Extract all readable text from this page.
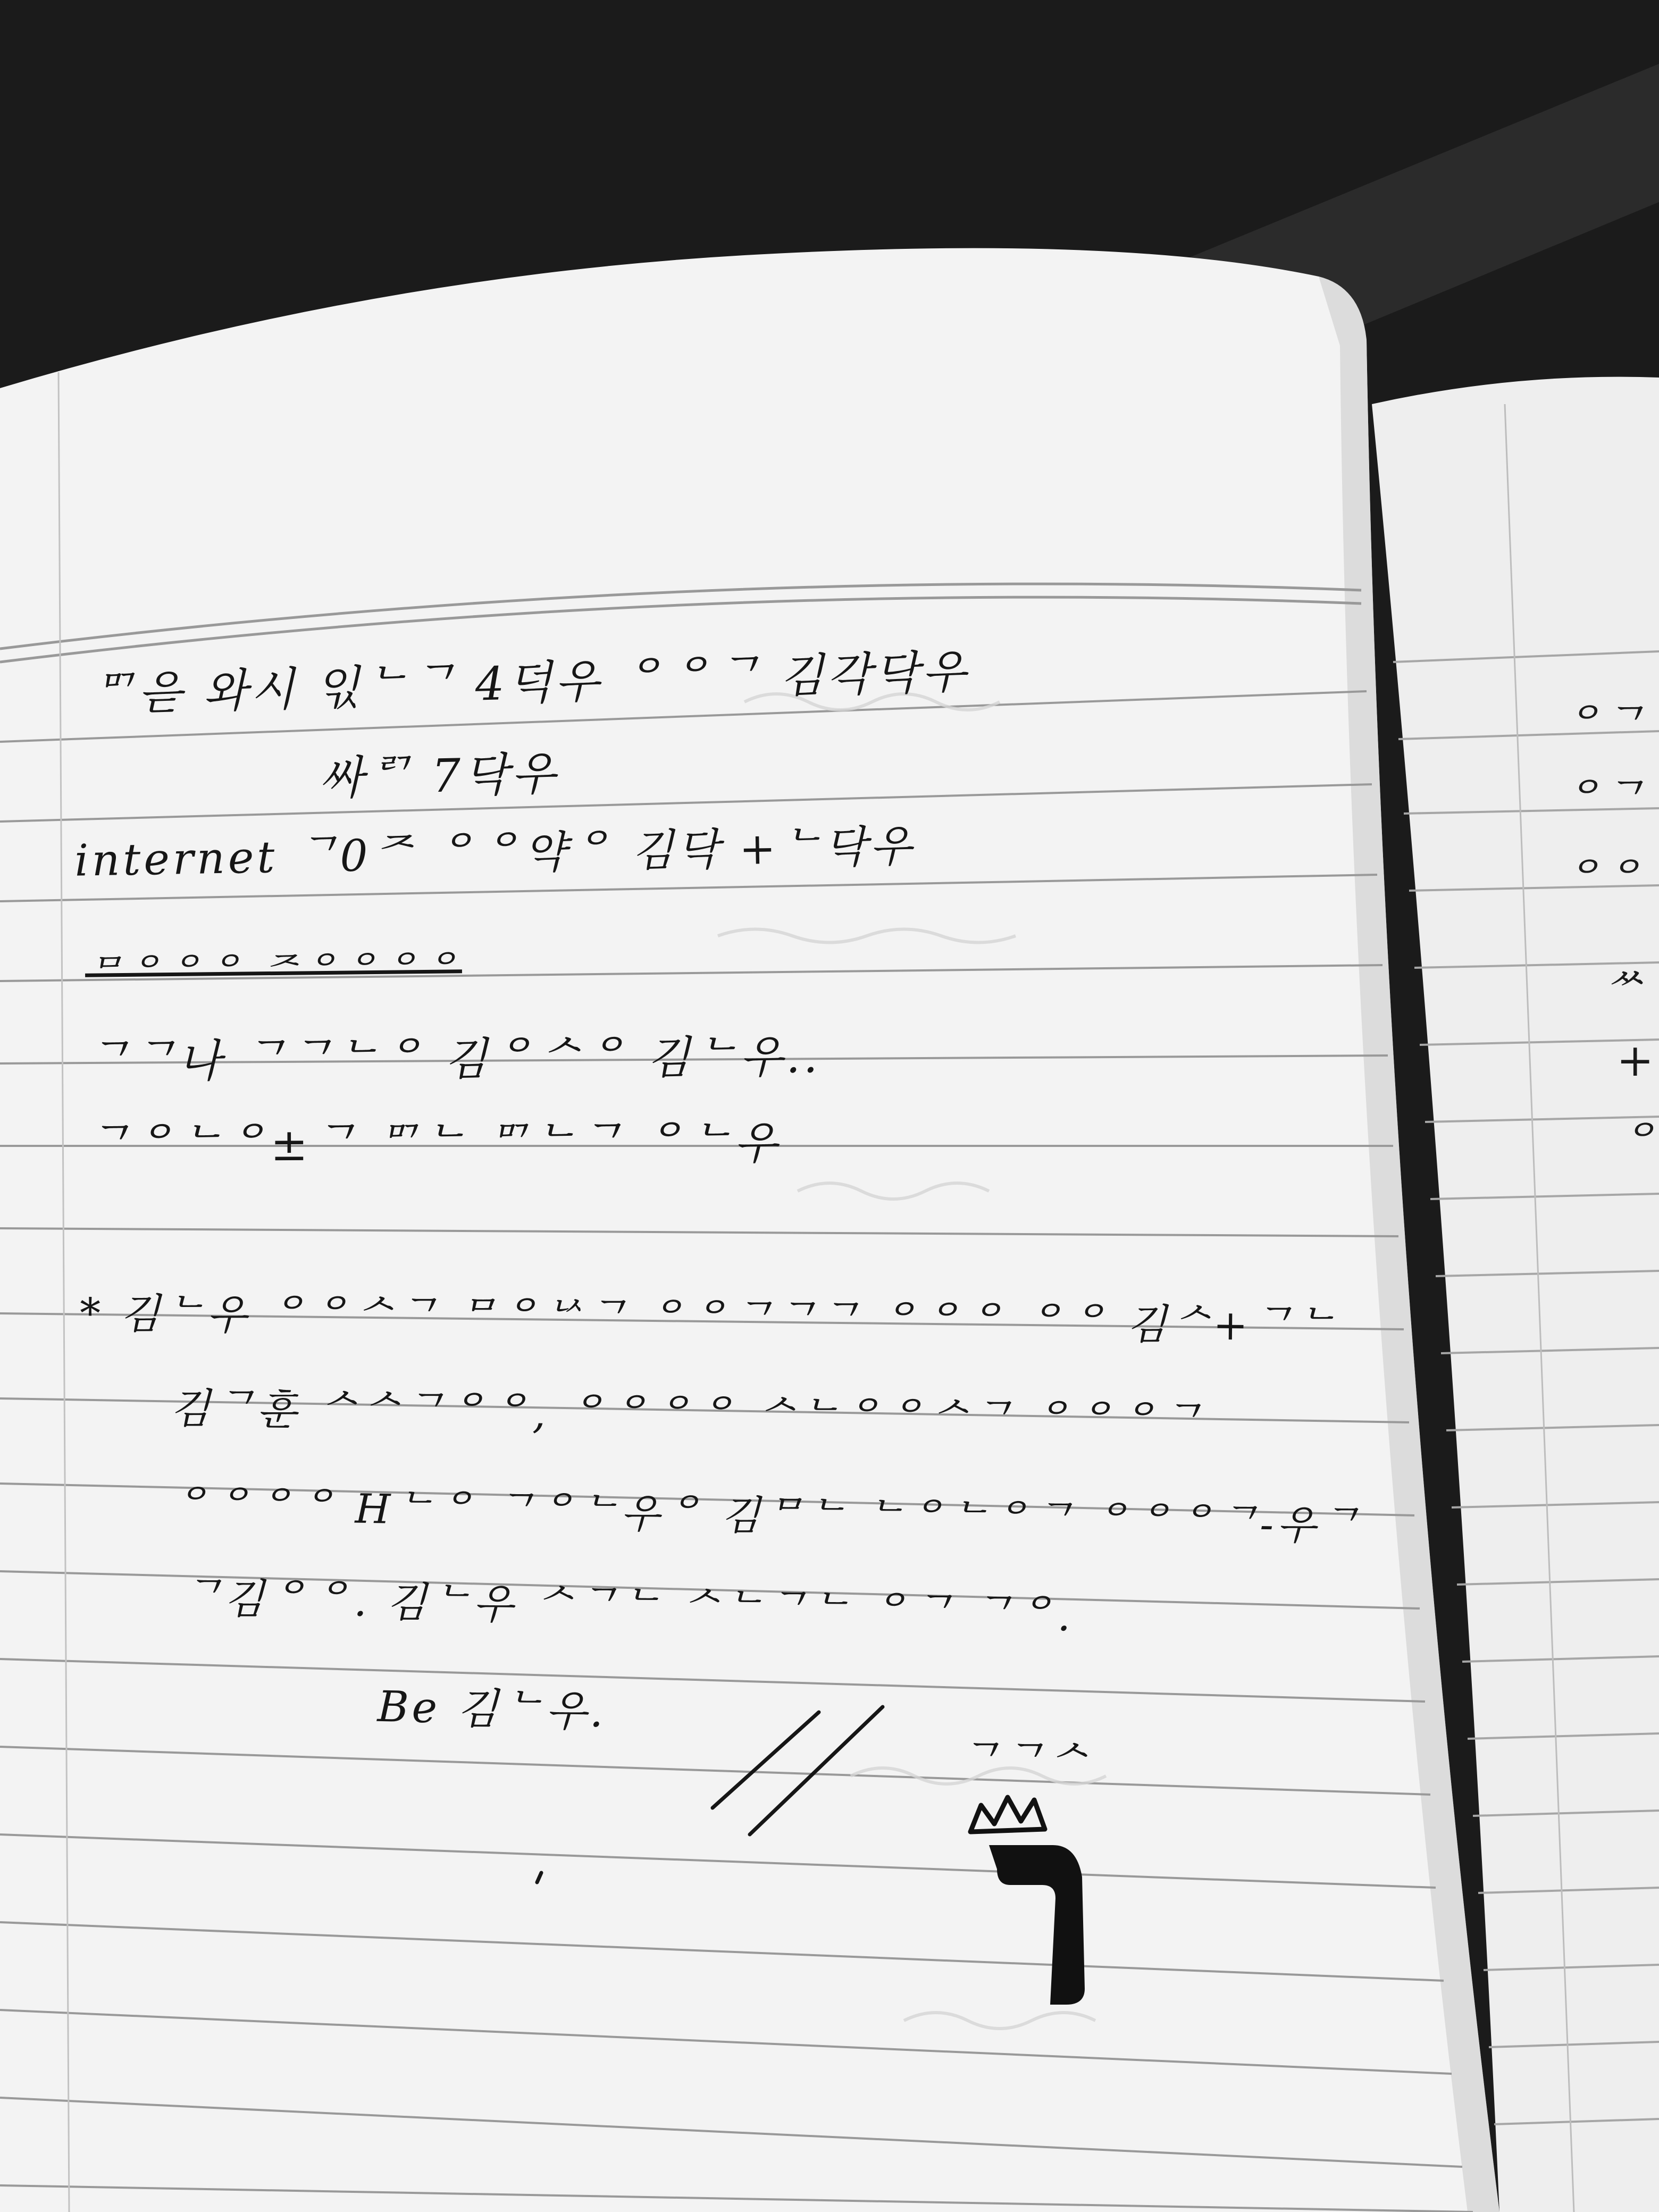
ᄆᄀ읃 와시 읷ᄂᄀ 4덕우 ᄋᄋᄀ 김각닥우
싸ᄅᄀ 7닥우
internet ᄀ0ᄌ ᄋᄋ약ᄋ 김닥 +ᄂ닥우
ᄆᄋᄋᄋ ᄌᄋᄋᄋᄋ
ᄀᄀ나 ᄀᄀᄂᄋ 김ᄋᄉᄋ 김ᄂ우..
ᄀᄋᄂᄋ±ᄀ ᄆᄀᄂ ᄆᄀᄂᄀ ᄋᄂ우
* 김ᄂ우 ᄋᄋᄉᄀ ᄆᄋᄂᄉᄀ ᄋᄋᄀᄀᄀ ᄋᄋᄋ ᄋᄋ 김ᄉ+ᄀᄂ
김ᄀ훈 ᄉᄉᄀᄋᄋ, ᄋᄋᄋᄋ ᄉᄂᄋᄋᄉᄀ ᄋᄋᄋᄀ
ᄋᄋᄋᄋ Hᄂᄋ ᄀᄋᄂ우ᄋ 김ᄆᄂ ᄂᄋᄂᄋᄀ ᄋᄋᄋᄀ-우ᄀ
ᄀ김ᄋᄋ. 김ᄂ우 ᄉᄀᄂ ᄉᄂᄀᄂ ᄋᄀ ᄀᄋ.
Be 김ᄂ우.
ᄀᄀᄉ
ᄋᄀ
ᄋᄀ
ᄋᄋ
ᄊ
+
ᄋ
